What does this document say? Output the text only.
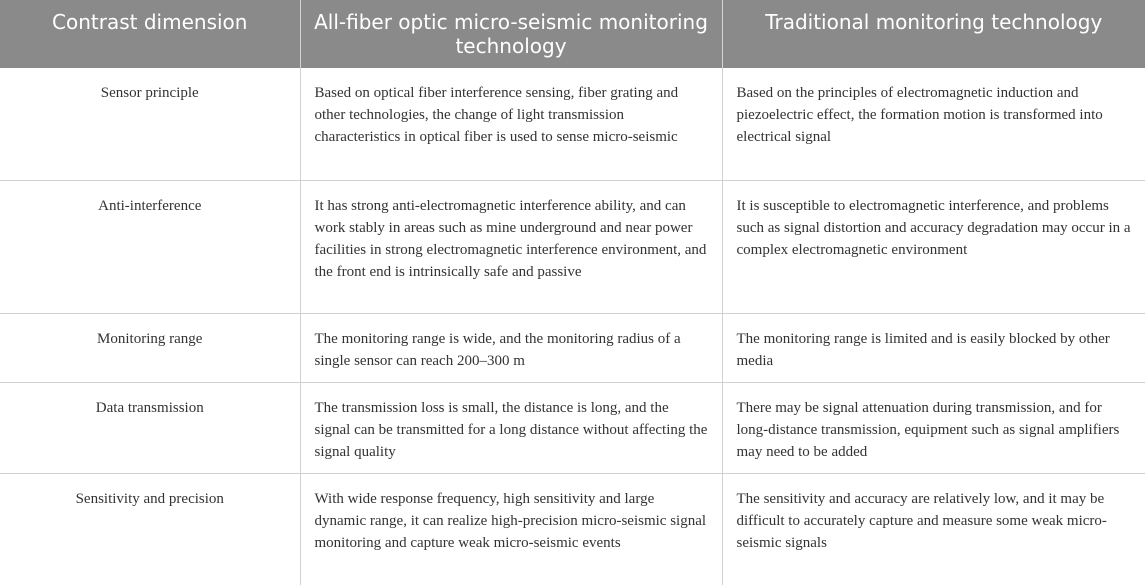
Contrast dimension	All-fiber optic micro-seismic monitoring technology	Traditional monitoring technology
Sensor principle	Based on optical fiber interference sensing, fiber grating and other technologies, the change of light transmission characteristics in optical fiber is used to sense micro-seismic	Based on the principles of electromagnetic induction and piezoelectric effect, the formation motion is transformed into electrical signal
Anti-interference	It has strong anti-electromagnetic interference ability, and can work stably in areas such as mine underground and near power facilities in strong electromagnetic interference environment, and the front end is intrinsically safe and passive	It is susceptible to electromagnetic interference, and problems such as signal distortion and accuracy degradation may occur in a complex electromagnetic environment
Monitoring range	The monitoring range is wide, and the monitoring radius of a single sensor can reach 200–300 m	The monitoring range is limited and is easily blocked by other media
Data transmission	The transmission loss is small, the distance is long, and the signal can be transmitted for a long distance without affecting the signal quality	There may be signal attenuation during transmission, and for long-distance transmission, equipment such as signal amplifiers may need to be added
Sensitivity and precision	With wide response frequency, high sensitivity and large dynamic range, it can realize high-precision micro-seismic signal monitoring and capture weak micro-seismic events	The sensitivity and accuracy are relatively low, and it may be difficult to accurately capture and measure some weak micro-seismic signals
